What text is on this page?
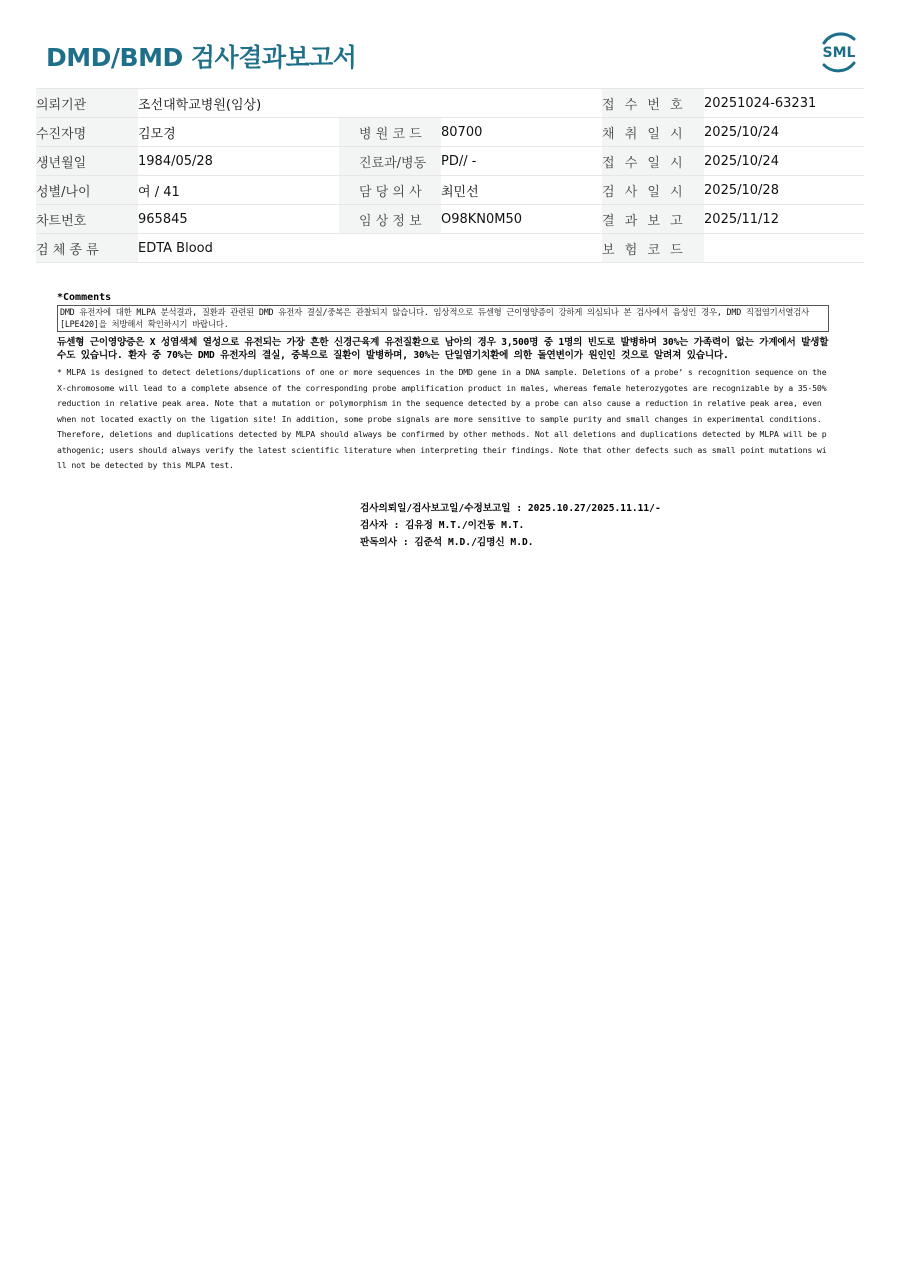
DMD/BMD 검사결과보고서	SML
의뢰기관	조선대학교병원(임상)			접 수 번 호	20251024-63231
수진자명	김모경	병 원 코 드	80700	채 취 일 시	2025/10/24
생년월일	1984/05/28	진료과/병동	PD// -	접 수 일 시	2025/10/24
성별/나이	여 / 41	담 당 의 사	최민선	검 사 일 시	2025/10/28
차트번호	965845	임 상 정 보	O98KN0M50	결 과 보 고	2025/11/12
검 체 종 류	EDTA Blood			보 험 코 드	
*Comments
DMD 유전자에 대한 MLPA 분석결과, 질환과 관련된 DMD 유전자 결실/중복은 관찰되지 않습니다. 임상적으로 듀센형 근이영양증이 강하게 의심되나 본 검사에서 음성인 경우, DMD 직접염기서열검사 [LPE420]을 처방해서 확인하시기 바랍니다.
듀센형 근이영양증은 X 성염색체 열성으로 유전되는 가장 흔한 신경근육계 유전질환으로 남아의 경우 3,500명 중 1명의 빈도로 발병하며 30%는 가족력이 없는 가계에서 발생할 수도 있습니다. 환자 중 70%는 DMD 유전자의 결실, 중복으로 질환이 발병하며, 30%는 단일염기치환에 의한 돌연변이가 원인인 것으로 알려져 있습니다.
* MLPA is designed to detect deletions/duplications of one or more sequences in the DMD gene in a DNA sample. Deletions of a probe’ s recognition sequence on the X-chromosome will lead to a complete absence of the corresponding probe amplification product in males, whereas female heterozygotes are recognizable by a 35-50% reduction in relative peak area. Note that a mutation or polymorphism in the sequence detected by a probe can also cause a reduction in relative peak area, even when not located exactly on the ligation site! In addition, some probe signals are more sensitive to sample purity and small changes in experimental conditions. Therefore, deletions and duplications detected by MLPA should always be confirmed by other methods. Not all deletions and duplications detected by MLPA will be pathogenic; users should always verify the latest scientific literature when interpreting their findings. Note that other defects such as small point mutations will not be detected by this MLPA test.
검사의뢰일/검사보고일/수정보고일 : 2025.10.27/2025.11.11/-
검사자 : 김유정 M.T./이건동 M.T.
판독의사 : 김준석 M.D./김명신 M.D.
